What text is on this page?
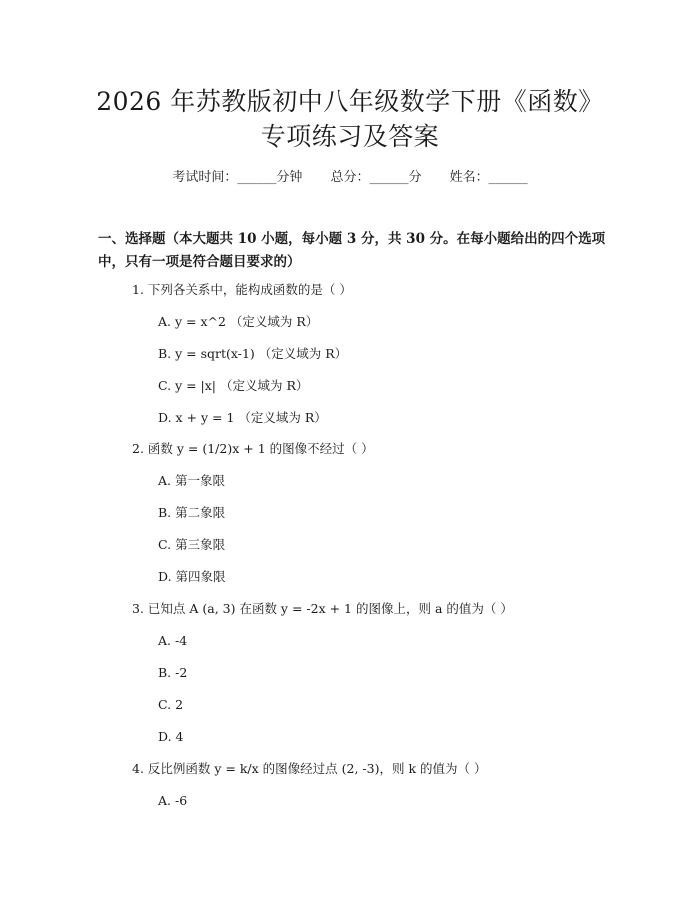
2026 年苏教版初中八年级数学下册《函数》
专项练习及答案
考试时间：______分钟 总分：______分 姓名：______
一、选择题（本大题共 10 小题，每小题 3 分，共 30 分。在每小题给出的四个选项中，只有一项是符合题目要求的）
1. 下列各关系中，能构成函数的是（ ）
A. y = x^2 （定义域为 R）
B. y = sqrt(x-1) （定义域为 R）
C. y = |x| （定义域为 R）
D. x + y = 1 （定义域为 R）
2. 函数 y = (1/2)x + 1 的图像不经过（ ）
A. 第一象限
B. 第二象限
C. 第三象限
D. 第四象限
3. 已知点 A (a, 3) 在函数 y = -2x + 1 的图像上，则 a 的值为（ ）
A. -4
B. -2
C. 2
D. 4
4. 反比例函数 y = k/x 的图像经过点 (2, -3)，则 k 的值为（ ）
A. -6
